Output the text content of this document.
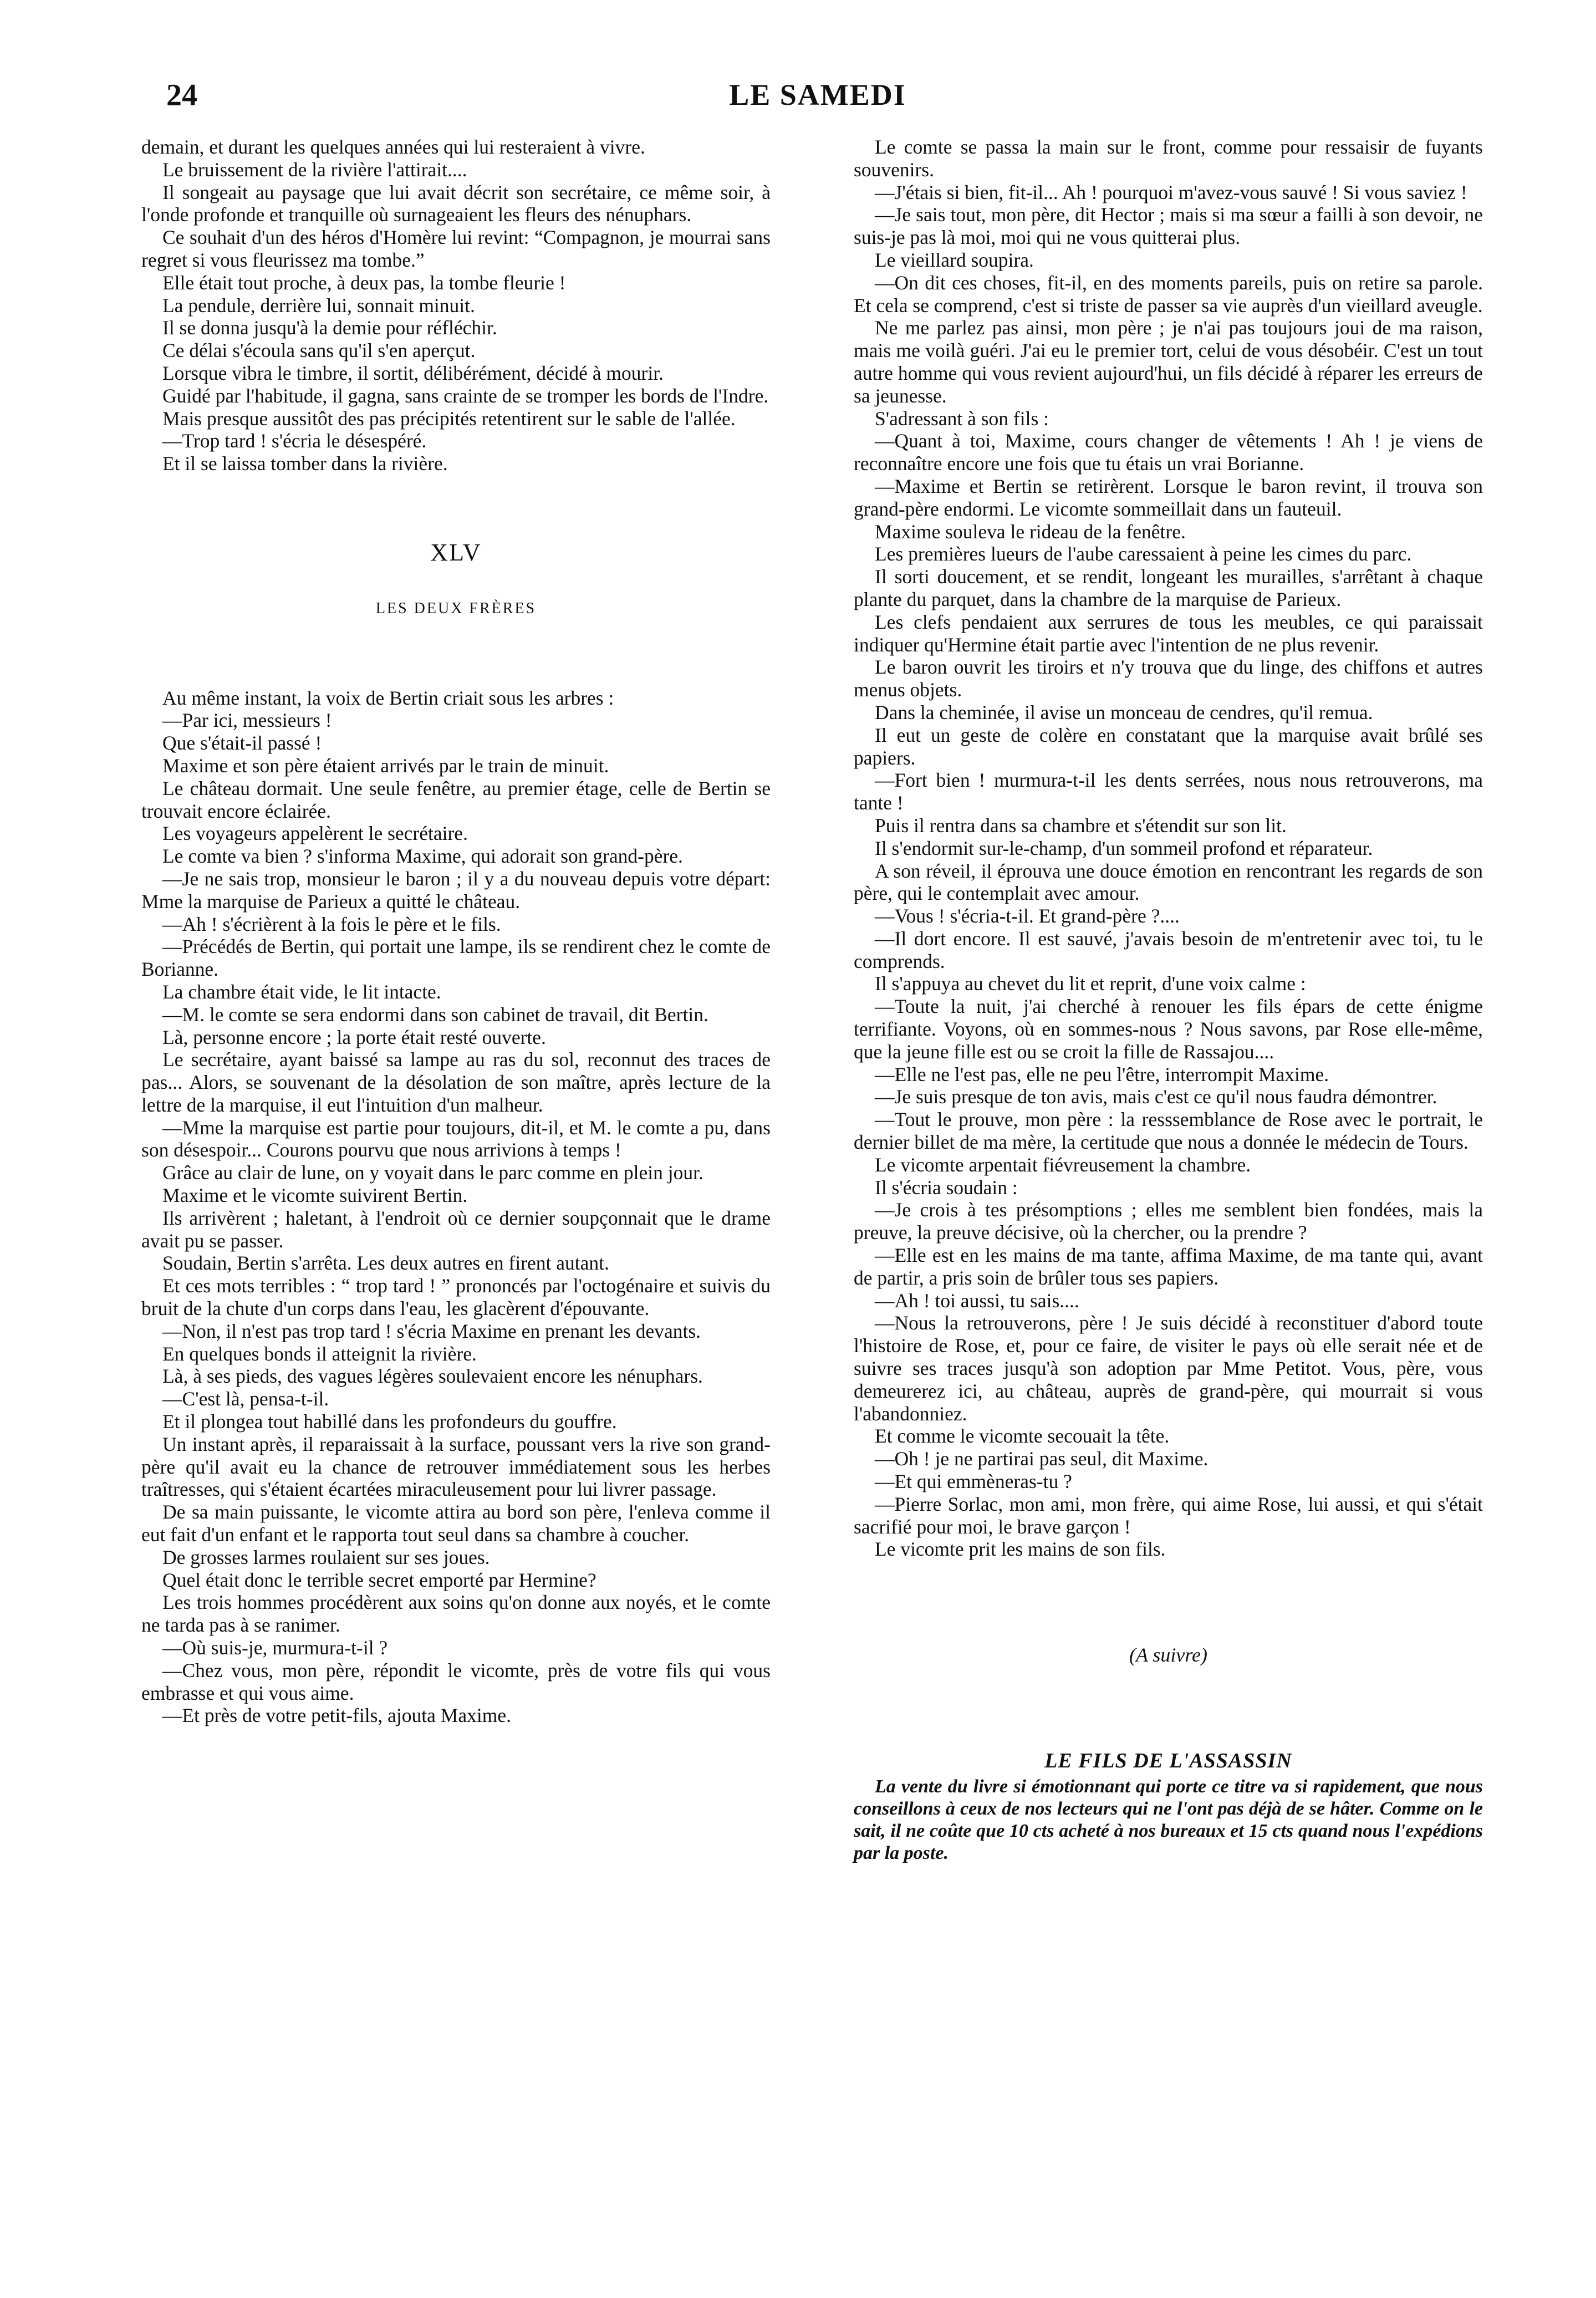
24	LE SAMEDI

demain, et durant les quelques années qui lui resteraient à vivre.

Le bruissement de la rivière l'attirait....

Il songeait au paysage que lui avait décrit son secrétaire, ce même soir, à l'onde profonde et tranquille où surnageaient les fleurs des nénuphars.

Ce souhait d'un des héros d'Homère lui revint: “Compagnon, je mourrai sans regret si vous fleurissez ma tombe.”

Elle était tout proche, à deux pas, la tombe fleurie !

La pendule, derrière lui, sonnait minuit.

Il se donna jusqu'à la demie pour réfléchir.

Ce délai s'écoula sans qu'il s'en aperçut.

Lorsque vibra le timbre, il sortit, délibérément, décidé à mourir.

Guidé par l'habitude, il gagna, sans crainte de se tromper les bords de l'Indre.

Mais presque aussitôt des pas précipités retentirent sur le sable de l'allée.

—Trop tard ! s'écria le désespéré.

Et il se laissa tomber dans la rivière.

XLV
LES DEUX FRÈRES

Au même instant, la voix de Bertin criait sous les arbres :

—Par ici, messieurs !

Que s'était-il passé !

Maxime et son père étaient arrivés par le train de minuit.

Le château dormait. Une seule fenêtre, au premier étage, celle de Bertin se trouvait encore éclairée.

Les voyageurs appelèrent le secrétaire.

Le comte va bien ? s'informa Maxime, qui adorait son grand-père.

—Je ne sais trop, monsieur le baron ; il y a du nouveau depuis votre départ: Mme la marquise de Parieux a quitté le château.

—Ah ! s'écrièrent à la fois le père et le fils.

—Précédés de Bertin, qui portait une lampe, ils se rendirent chez le comte de Borianne.

La chambre était vide, le lit intacte.

—M. le comte se sera endormi dans son cabinet de travail, dit Bertin.

Là, personne encore ; la porte était resté ouverte.

Le secrétaire, ayant baissé sa lampe au ras du sol, reconnut des traces de pas... Alors, se souvenant de la désolation de son maître, après lecture de la lettre de la marquise, il eut l'intuition d'un malheur.

—Mme la marquise est partie pour toujours, dit-il, et M. le comte a pu, dans son désespoir... Courons pourvu que nous arrivions à temps !

Grâce au clair de lune, on y voyait dans le parc comme en plein jour.

Maxime et le vicomte suivirent Bertin.

Ils arrivèrent ; haletant, à l'endroit où ce dernier soupçonnait que le drame avait pu se passer.

Soudain, Bertin s'arrêta. Les deux autres en firent autant.

Et ces mots terribles : “ trop tard ! ” prononcés par l'octogénaire et suivis du bruit de la chute d'un corps dans l'eau, les glacèrent d'épouvante.

—Non, il n'est pas trop tard ! s'écria Maxime en prenant les devants.

En quelques bonds il atteignit la rivière.

Là, à ses pieds, des vagues légères soulevaient encore les nénuphars.

—C'est là, pensa-t-il.

Et il plongea tout habillé dans les profondeurs du gouffre.

Un instant après, il reparaissait à la surface, poussant vers la rive son grand-père qu'il avait eu la chance de retrouver immédiatement sous les herbes traîtresses, qui s'étaient écartées miraculeusement pour lui livrer passage.

De sa main puissante, le vicomte attira au bord son père, l'enleva comme il eut fait d'un enfant et le rapporta tout seul dans sa chambre à coucher.

De grosses larmes roulaient sur ses joues.

Quel était donc le terrible secret emporté par Hermine?

Les trois hommes procédèrent aux soins qu'on donne aux noyés, et le comte ne tarda pas à se ranimer.

—Où suis-je, murmura-t-il ?

—Chez vous, mon père, répondit le vicomte, près de votre fils qui vous embrasse et qui vous aime.

—Et près de votre petit-fils, ajouta Maxime.

Le comte se passa la main sur le front, comme pour ressaisir de fuyants souvenirs.

—J'étais si bien, fit-il... Ah ! pourquoi m'avez-vous sauvé ! Si vous saviez !

—Je sais tout, mon père, dit Hector ; mais si ma sœur a failli à son devoir, ne suis-je pas là moi, moi qui ne vous quitterai plus.

Le vieillard soupira.

—On dit ces choses, fit-il, en des moments pareils, puis on retire sa parole. Et cela se comprend, c'est si triste de passer sa vie auprès d'un vieillard aveugle.

Ne me parlez pas ainsi, mon père ; je n'ai pas toujours joui de ma raison, mais me voilà guéri. J'ai eu le premier tort, celui de vous désobéir. C'est un tout autre homme qui vous revient aujourd'hui, un fils décidé à réparer les erreurs de sa jeunesse.

S'adressant à son fils :

—Quant à toi, Maxime, cours changer de vêtements ! Ah ! je viens de reconnaître encore une fois que tu étais un vrai Borianne.

—Maxime et Bertin se retirèrent. Lorsque le baron revint, il trouva son grand-père endormi. Le vicomte sommeillait dans un fauteuil.

Maxime souleva le rideau de la fenêtre.

Les premières lueurs de l'aube caressaient à peine les cimes du parc.

Il sorti doucement, et se rendit, longeant les murailles, s'arrêtant à chaque plante du parquet, dans la chambre de la marquise de Parieux.

Les clefs pendaient aux serrures de tous les meubles, ce qui paraissait indiquer qu'Hermine était partie avec l'intention de ne plus revenir.

Le baron ouvrit les tiroirs et n'y trouva que du linge, des chiffons et autres menus objets.

Dans la cheminée, il avise un monceau de cendres, qu'il remua.

Il eut un geste de colère en constatant que la marquise avait brûlé ses papiers.

—Fort bien ! murmura-t-il les dents serrées, nous nous retrouverons, ma tante !

Puis il rentra dans sa chambre et s'étendit sur son lit.

Il s'endormit sur-le-champ, d'un sommeil profond et réparateur.

A son réveil, il éprouva une douce émotion en rencontrant les regards de son père, qui le contemplait avec amour.

—Vous ! s'écria-t-il. Et grand-père ?....

—Il dort encore. Il est sauvé, j'avais besoin de m'entretenir avec toi, tu le comprends.

Il s'appuya au chevet du lit et reprit, d'une voix calme :

—Toute la nuit, j'ai cherché à renouer les fils épars de cette énigme terrifiante. Voyons, où en sommes-nous ? Nous savons, par Rose elle-même, que la jeune fille est ou se croit la fille de Rassajou....

—Elle ne l'est pas, elle ne peu l'être, interrompit Maxime.

—Je suis presque de ton avis, mais c'est ce qu'il nous faudra démontrer.

—Tout le prouve, mon père : la resssemblance de Rose avec le portrait, le dernier billet de ma mère, la certitude que nous a donnée le médecin de Tours.

Le vicomte arpentait fiévreusement la chambre.

Il s'écria soudain :

—Je crois à tes présomptions ; elles me semblent bien fondées, mais la preuve, la preuve décisive, où la chercher, ou la prendre ?

—Elle est en les mains de ma tante, affima Maxime, de ma tante qui, avant de partir, a pris soin de brûler tous ses papiers.

—Ah ! toi aussi, tu sais....

—Nous la retrouverons, père ! Je suis décidé à reconstituer d'abord toute l'histoire de Rose, et, pour ce faire, de visiter le pays où elle serait née et de suivre ses traces jusqu'à son adoption par Mme Petitot. Vous, père, vous demeurerez ici, au château, auprès de grand-père, qui mourrait si vous l'abandonniez.

Et comme le vicomte secouait la tête.

—Oh ! je ne partirai pas seul, dit Maxime.

—Et qui emmèneras-tu ?

—Pierre Sorlac, mon ami, mon frère, qui aime Rose, lui aussi, et qui s'était sacrifié pour moi, le brave garçon !

Le vicomte prit les mains de son fils.

(A suivre)
LE FILS DE L'ASSASSIN

La vente du livre si émotionnant qui porte ce titre va si rapidement, que nous conseillons à ceux de nos lecteurs qui ne l'ont pas déjà de se hâter. Comme on le sait, il ne coûte que 10 cts acheté à nos bureaux et 15 cts quand nous l'expédions par la poste.
